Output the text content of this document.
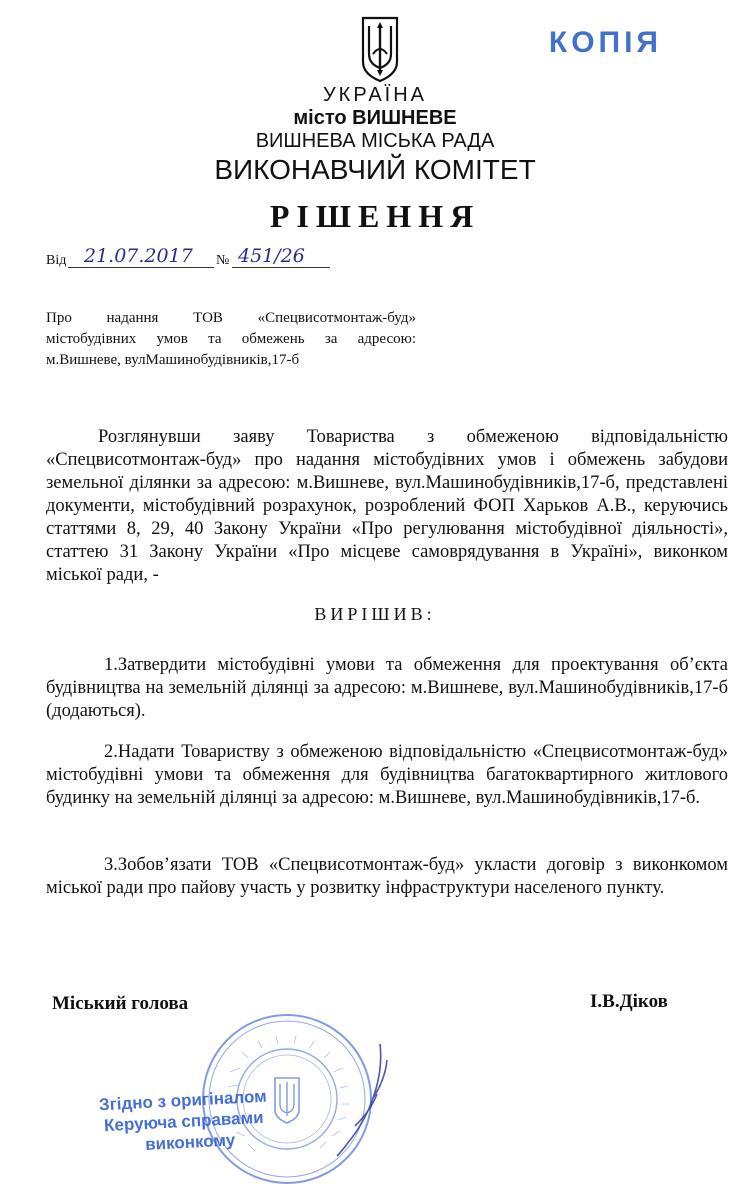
КОПІЯ
УКРАЇНА
місто ВИШНЕВЕ
ВИШНЕВА МІСЬКА РАДА
ВИКОНАВЧИЙ КОМІТЕТ
РІШЕННЯ
Від 21.07.2017	№ 451/26
Про надання ТОВ «Спецвисотмонтаж-буд»
містобудівних умов та обмежень за адресою:
м.Вишневе, вулМашинобудівників,17-б
Розглянувши заяву Товариства з обмеженою відповідальністю «Спецвисотмонтаж-буд» про надання містобудівних умов і обмежень забудови земельної ділянки за адресою: м.Вишневе, вул.Машинобудівників,17-б, представлені документи, містобудівний розрахунок, розроблений ФОП Харьков А.В., керуючись статтями 8, 29, 40 Закону України «Про регулювання містобудівної діяльності», статтею 31 Закону України «Про місцеве самоврядування в Україні», виконком міської ради, -
ВИРІШИВ:
1.Затвердити містобудівні умови та обмеження для проектування об’єкта будівництва на земельній ділянці за адресою: м.Вишневе, вул.Машинобудівників,17-б (додаються).
2.Надати Товариству з обмеженою відповідальністю «Спецвисотмонтаж-буд» містобудівні умови та обмеження для будівництва багатоквартирного житлового будинку на земельній ділянці за адресою: м.Вишневе, вул.Машинобудівників,17-б.
3.Зобов’язати ТОВ «Спецвисотмонтаж-буд» укласти договір з виконкомом міської ради про пайову участь у розвитку інфраструктури населеного пункту.
Міський голова	І.В.Діков
Згідно з оригіналом
Керуюча справами
виконкому
